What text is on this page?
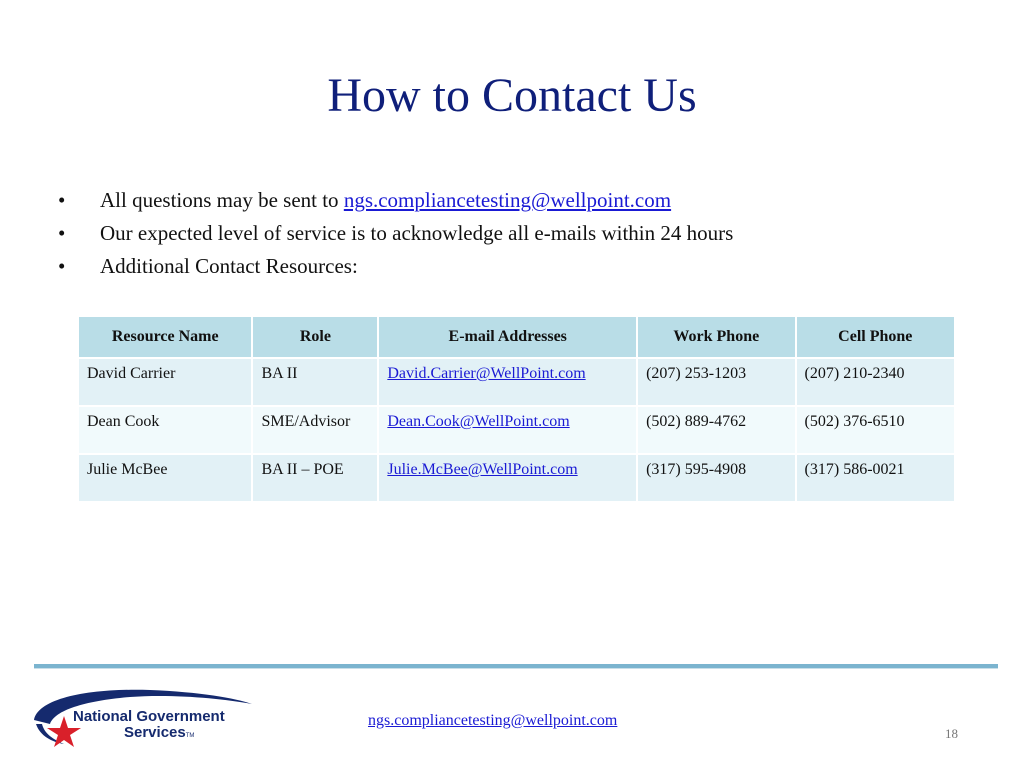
How to Contact Us
• All questions may be sent to ngs.compliancetesting@wellpoint.com
• Our expected level of service is to acknowledge all e-mails within 24 hours
• Additional Contact Resources:
Resource Name	Role	E-mail Addresses	Work Phone	Cell Phone
David Carrier	BA II	David.Carrier@WellPoint.com	(207) 253-1203	(207) 210-2340
Dean Cook	SME/Advisor	Dean.Cook@WellPoint.com	(502) 889-4762	(502) 376-6510
Julie McBee	BA II – POE	Julie.McBee@WellPoint.com	(317) 595-4908	(317) 586-0021
National Government
ServicesTM
ngs.compliancetesting@wellpoint.com
18
